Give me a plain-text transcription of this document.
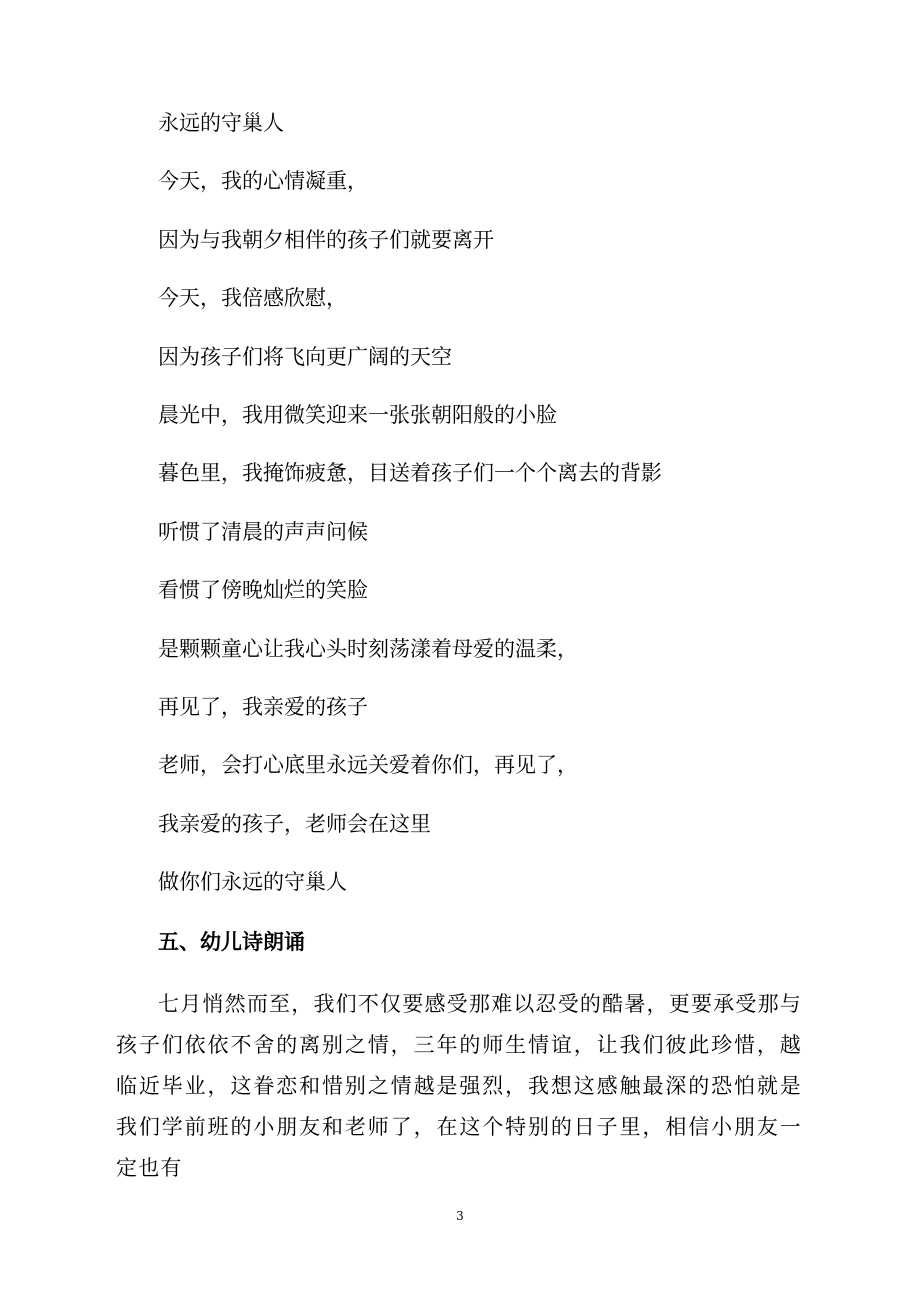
永远的守巢人
今天，我的心情凝重，
因为与我朝夕相伴的孩子们就要离开
今天，我倍感欣慰，
因为孩子们将飞向更广阔的天空
晨光中，我用微笑迎来一张张朝阳般的小脸
暮色里，我掩饰疲惫，目送着孩子们一个个离去的背影
听惯了清晨的声声问候
看惯了傍晚灿烂的笑脸
是颗颗童心让我心头时刻荡漾着母爱的温柔，
再见了，我亲爱的孩子
老师，会打心底里永远关爱着你们，再见了，
我亲爱的孩子，老师会在这里
做你们永远的守巢人
五、幼儿诗朗诵
七月悄然而至，我们不仅要感受那难以忍受的酷暑，更要承受那与孩子们依依不舍的离别之情，三年的师生情谊，让我们彼此珍惜，越临近毕业，这眷恋和惜别之情越是强烈，我想这感触最深的恐怕就是我们学前班的小朋友和老师了，在这个特别的日子里，相信小朋友一定也有
3
